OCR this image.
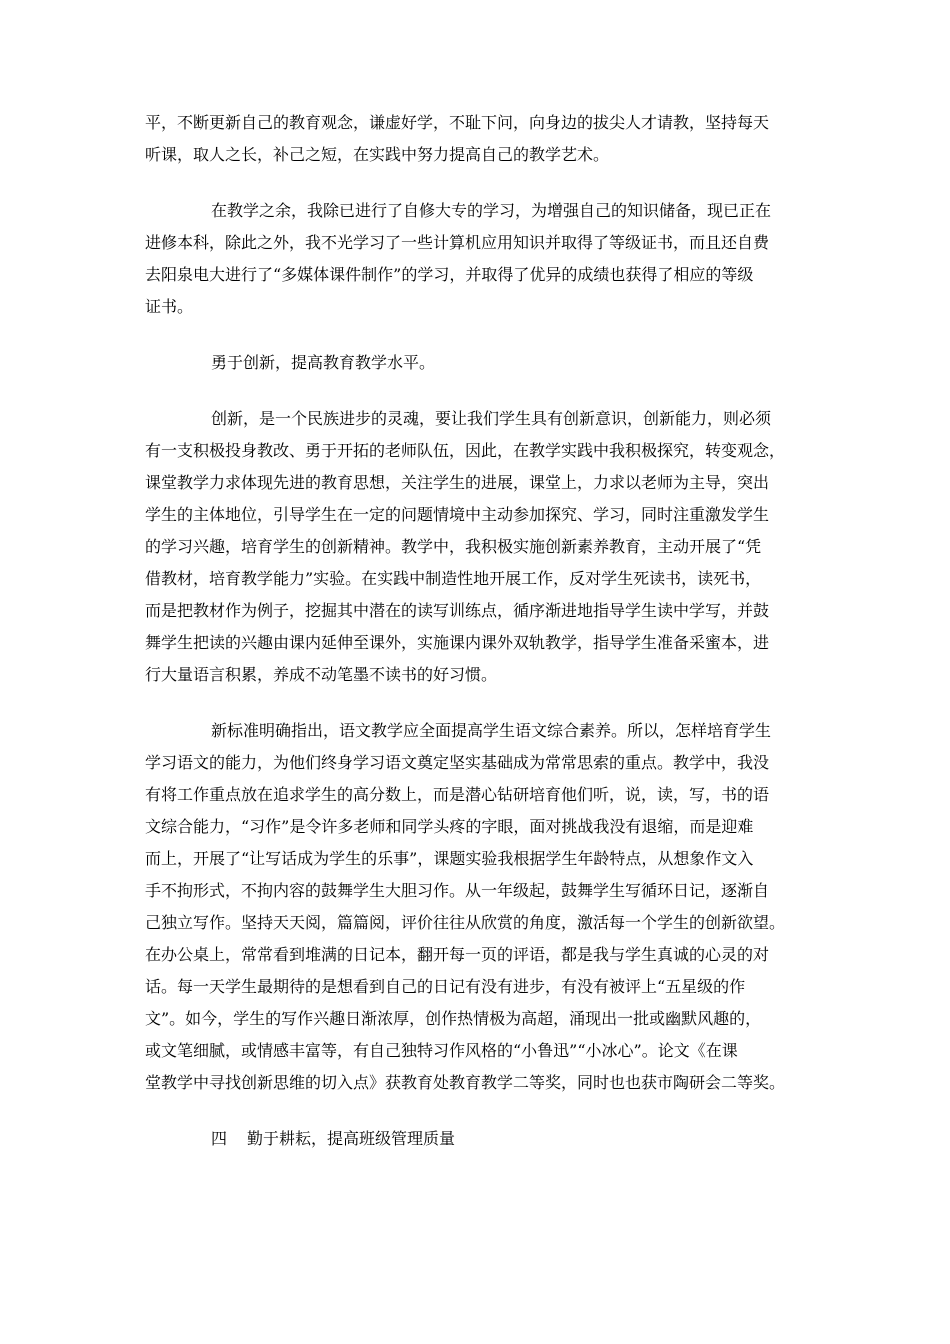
平，不断更新自己的教育观念，谦虚好学，不耻下问，向身边的拔尖人才请教，坚持每天
听课，取人之长，补己之短，在实践中努力提高自己的教学艺术。

在教学之余，我除已进行了自修大专的学习，为增强自己的知识储备，现已正在
进修本科，除此之外，我不光学习了一些计算机应用知识并取得了等级证书，而且还自费
去阳泉电大进行了“多媒体课件制作”的学习，并取得了优异的成绩也获得了相应的等级
证书。

勇于创新，提高教育教学水平。

创新，是一个民族进步的灵魂，要让我们学生具有创新意识，创新能力，则必须
有一支积极投身教改、勇于开拓的老师队伍，因此，在教学实践中我积极探究，转变观念，
课堂教学力求体现先进的教育思想，关注学生的进展，课堂上，力求以老师为主导，突出
学生的主体地位，引导学生在一定的问题情境中主动参加探究、学习，同时注重激发学生
的学习兴趣，培育学生的创新精神。教学中，我积极实施创新素养教育，主动开展了“凭
借教材，培育教学能力”实验。在实践中制造性地开展工作，反对学生死读书，读死书，
而是把教材作为例子，挖掘其中潜在的读写训练点，循序渐进地指导学生读中学写，并鼓
舞学生把读的兴趣由课内延伸至课外，实施课内课外双轨教学，指导学生准备采蜜本，进
行大量语言积累，养成不动笔墨不读书的好习惯。

新标准明确指出，语文教学应全面提高学生语文综合素养。所以，怎样培育学生
学习语文的能力，为他们终身学习语文奠定坚实基础成为常常思索的重点。教学中，我没
有将工作重点放在追求学生的高分数上，而是潜心钻研培育他们听，说，读，写，书的语
文综合能力，“习作”是令许多老师和同学头疼的字眼，面对挑战我没有退缩，而是迎难
而上，开展了“让写话成为学生的乐事”，课题实验我根据学生年龄特点，从想象作文入
手不拘形式，不拘内容的鼓舞学生大胆习作。从一年级起，鼓舞学生写循环日记，逐渐自
己独立写作。坚持天天阅，篇篇阅，评价往往从欣赏的角度，激活每一个学生的创新欲望。
在办公桌上，常常看到堆满的日记本，翻开每一页的评语，都是我与学生真诚的心灵的对
话。每一天学生最期待的是想看到自己的日记有没有进步，有没有被评上“五星级的作
文”。如今，学生的写作兴趣日渐浓厚，创作热情极为高超，涌现出一批或幽默风趣的，
或文笔细腻，或情感丰富等，有自己独特习作风格的“小鲁迅”“小冰心”。论文《在课
堂教学中寻找创新思维的切入点》获教育处教育教学二等奖，同时也也获市陶研会二等奖。

四 勤于耕耘，提高班级管理质量
